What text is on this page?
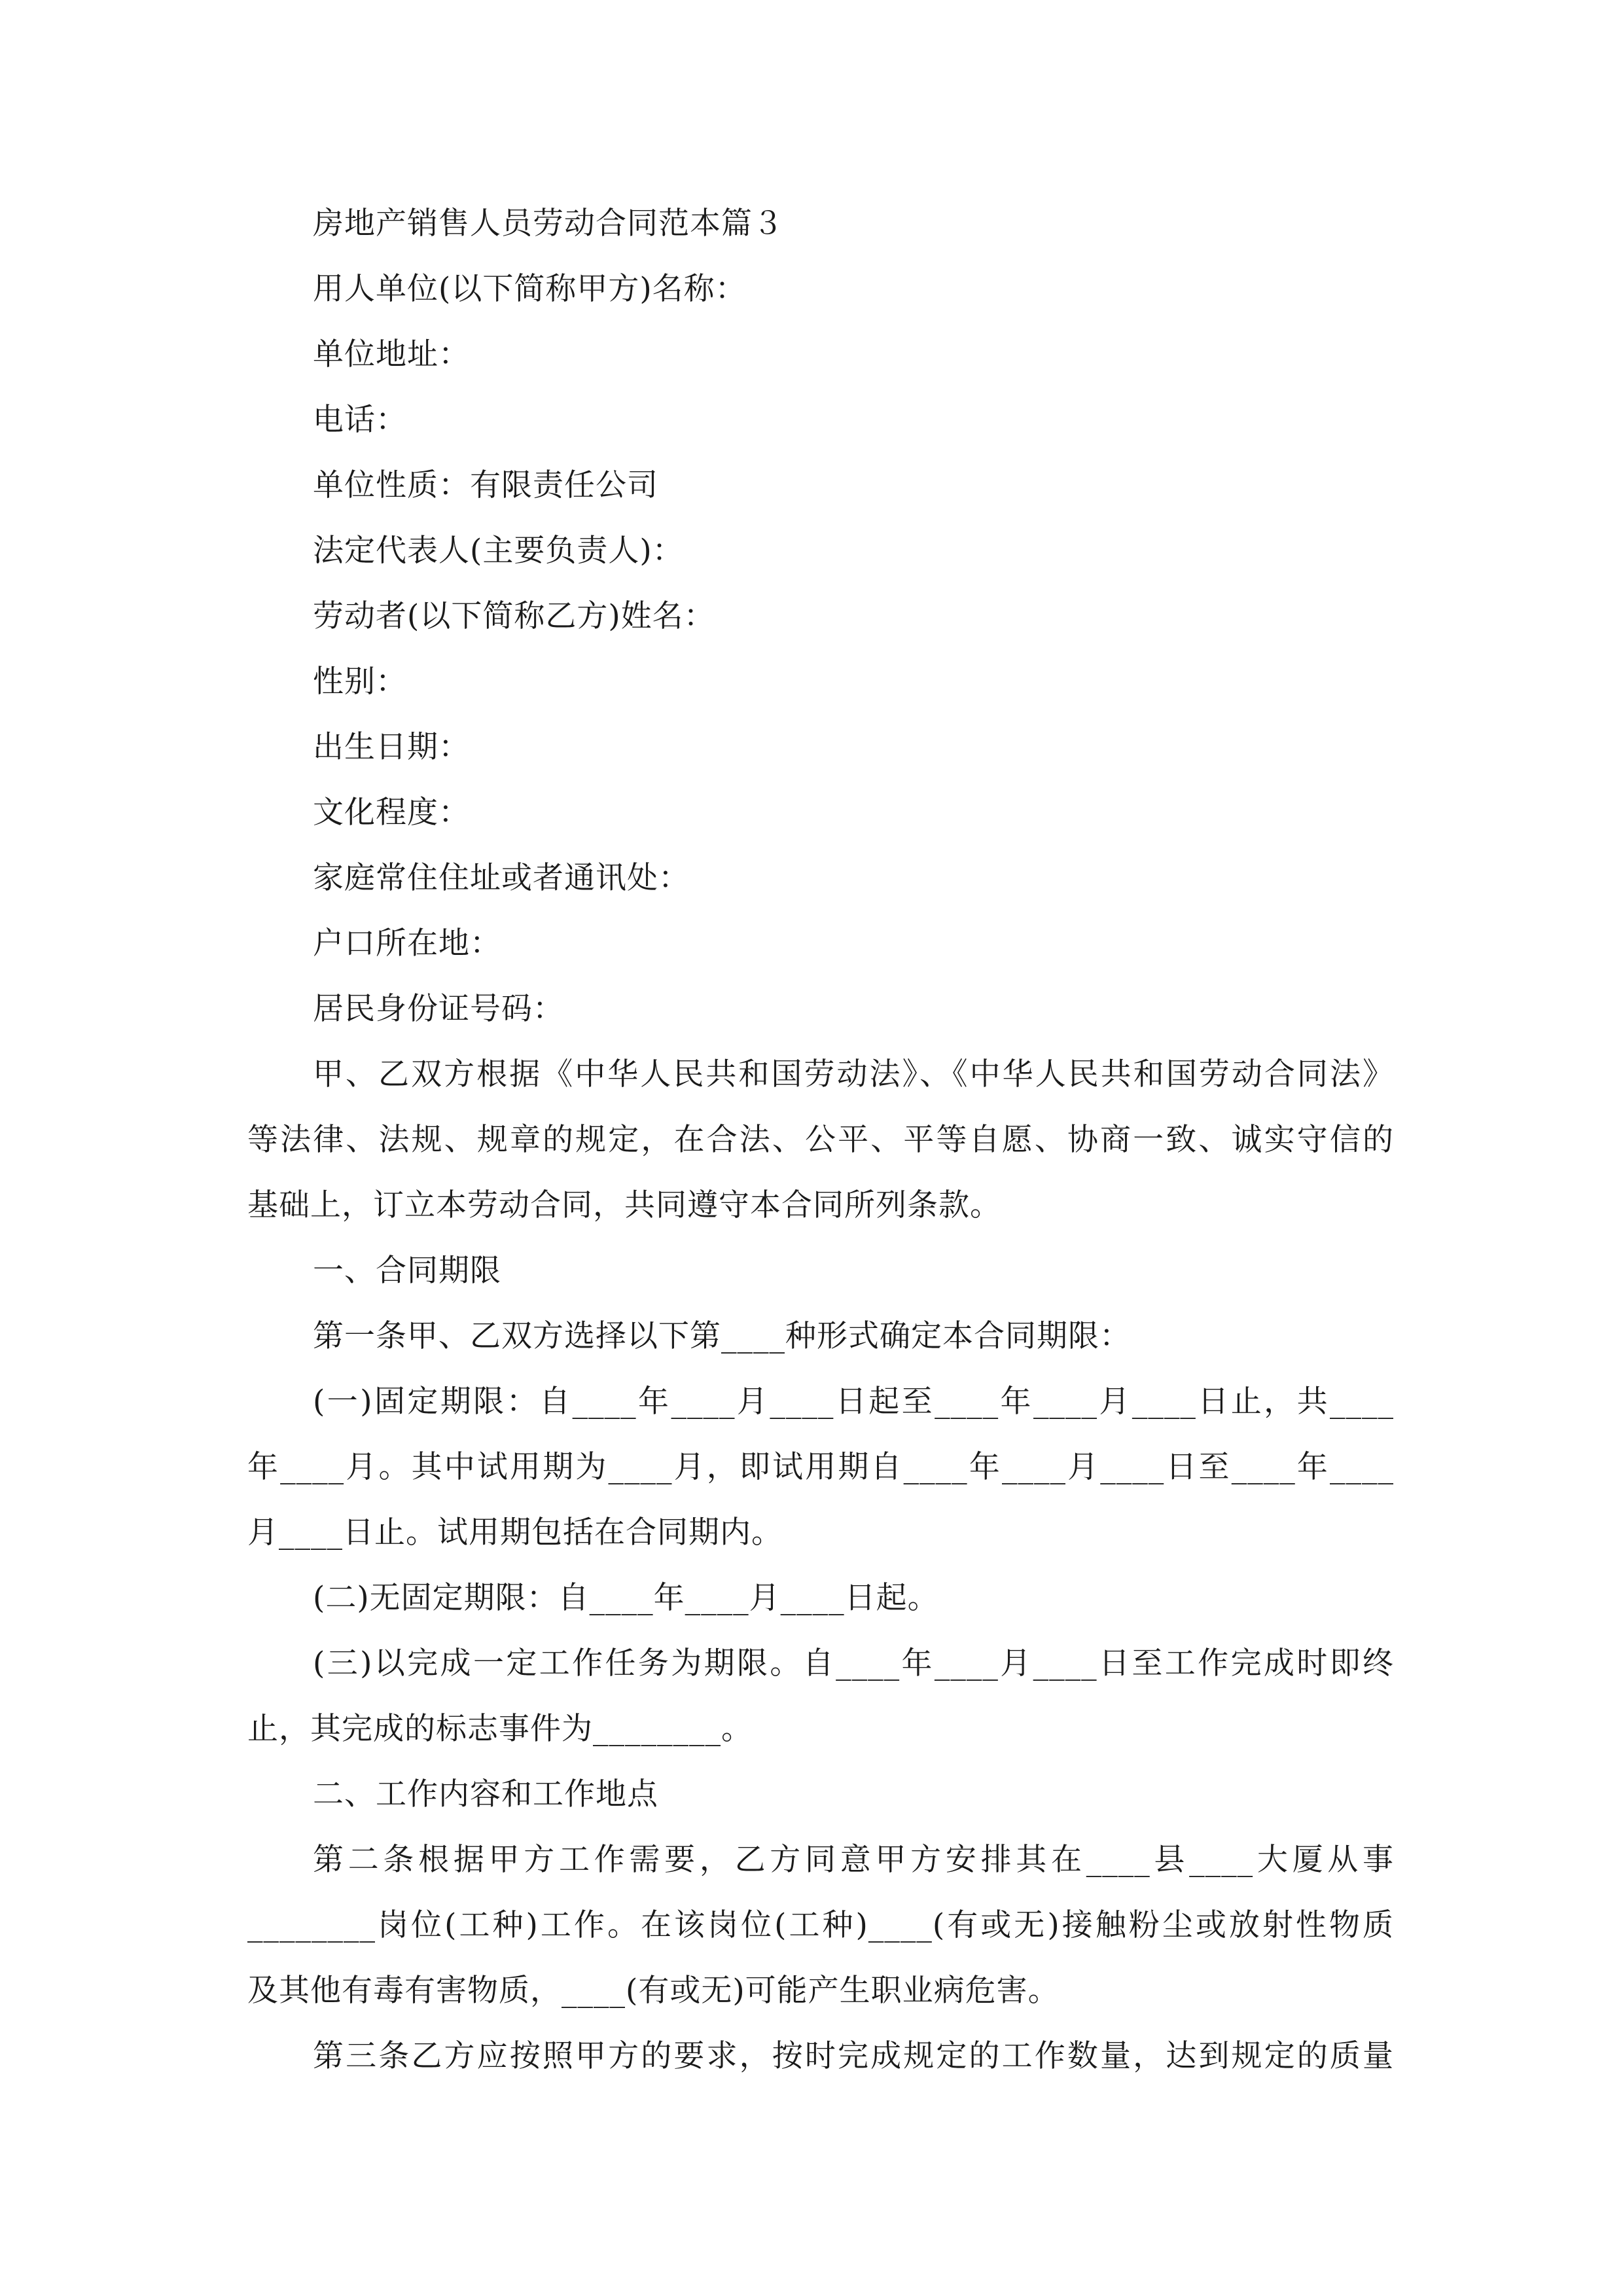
房地产销售人员劳动合同范本篇３
用人单位(以下简称甲方)名称：
单位地址：
电话：
单位性质：有限责任公司
法定代表人(主要负责人)：
劳动者(以下简称乙方)姓名：
性别：
出生日期：
文化程度：
家庭常住住址或者通讯处：
户口所在地：
居民身份证号码：
甲、乙双方根据《中华人民共和国劳动法》、《中华人民共和国劳动合同法》
等法律、法规、规章的规定，在合法、公平、平等自愿、协商一致、诚实守信的
基础上，订立本劳动合同，共同遵守本合同所列条款。
一、合同期限
第一条甲、乙双方选择以下第____种形式确定本合同期限：
(一)固定期限：自____年____月____日起至____年____月____日止，共____
年____月。其中试用期为____月，即试用期自____年____月____日至____年____
月____日止。试用期包括在合同期内。
(二)无固定期限：自____年____月____日起。
(三)以完成一定工作任务为期限。自____年____月____日至工作完成时即终
止，其完成的标志事件为________。
二、工作内容和工作地点
第二条根据甲方工作需要，乙方同意甲方安排其在____县____大厦从事
________岗位(工种)工作。在该岗位(工种)____(有或无)接触粉尘或放射性物质
及其他有毒有害物质，____(有或无)可能产生职业病危害。
第三条乙方应按照甲方的要求，按时完成规定的工作数量，达到规定的质量
